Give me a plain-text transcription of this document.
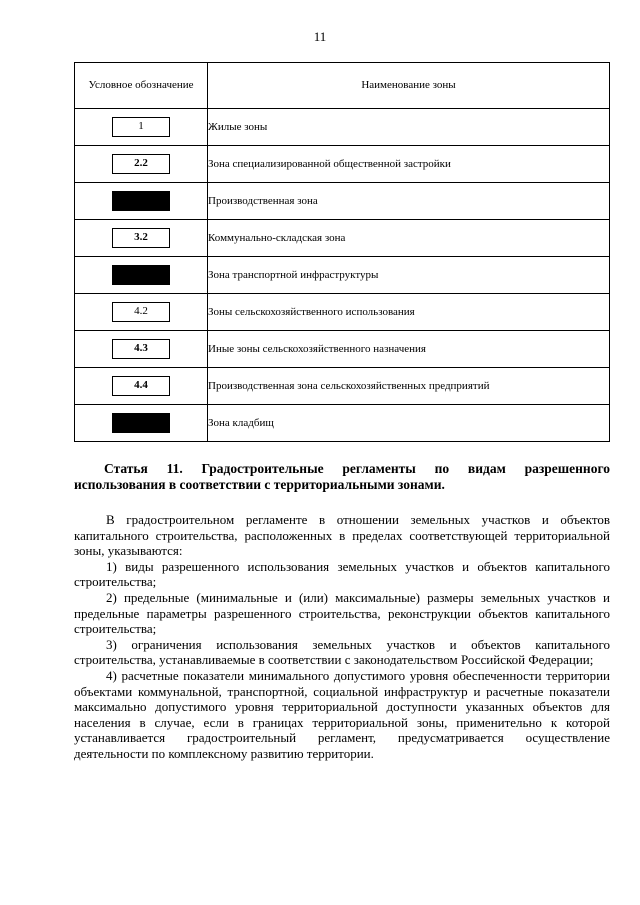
11
Условное обозначение	Наименование зоны
1	Жилые зоны
2.2	Зона специализированной общественной застройки
	Производственная зона
3.2	Коммунально-складская зона
	Зона транспортной инфраструктуры
4.2	Зоны сельскохозяйственного использования
4.3	Иные зоны сельскохозяйственного назначения
4.4	Производственная зона сельскохозяйственных предприятий
	Зона кладбищ

Статья 11. Градостроительные регламенты по видам разрешенного использования в соответствии с территориальными зонами.

В градостроительном регламенте в отношении земельных участков и объектов капитального строительства, расположенных в пределах соответствующей территориальной зоны, указываются:

1) виды разрешенного использования земельных участков и объектов капитального строительства;

2) предельные (минимальные и (или) максимальные) размеры земельных участков и предельные параметры разрешенного строительства, реконструкции объектов капитального строительства;

3) ограничения использования земельных участков и объектов капитального строительства, устанавливаемые в соответствии с законодательством Российской Федерации;

4) расчетные показатели минимального допустимого уровня обеспеченности территории объектами коммунальной, транспортной, социальной инфраструктур и расчетные показатели максимально допустимого уровня территориальной доступности указанных объектов для населения в случае, если в границах территориальной зоны, применительно к которой устанавливается градостроительный регламент, предусматривается осуществление деятельности по комплексному развитию территории.
